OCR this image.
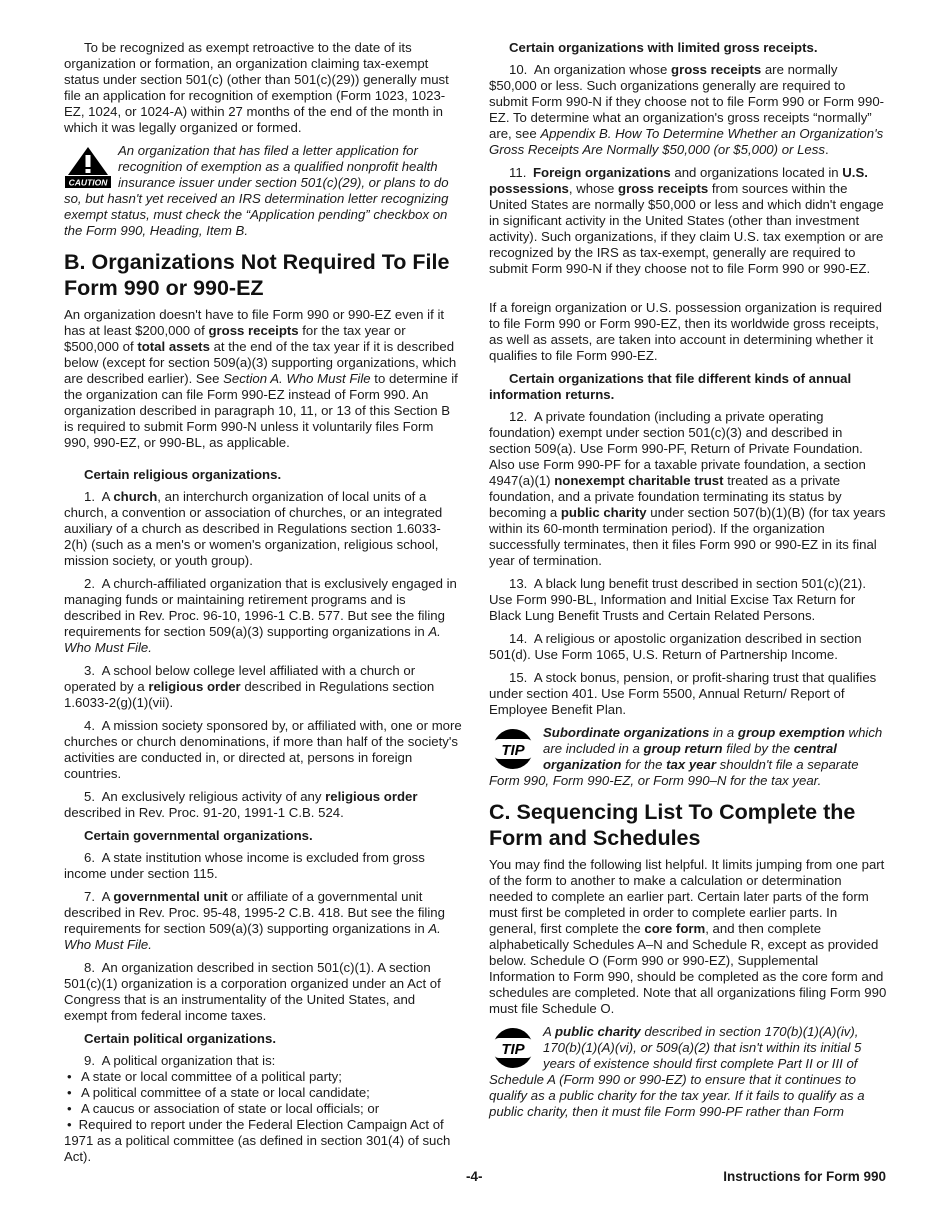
To be recognized as exempt retroactive to the date of its organization or formation, an organization claiming tax-exempt status under section 501(c) (other than 501(c)(29)) generally must file an application for recognition of exemption (Form 1023, 1023-EZ, 1024, or 1024-A) within 27 months of the end of the month in which it was legally organized or formed.

CAUTION
An organization that has filed a letter application for recognition of exemption as a qualified nonprofit health insurance issuer under section 501(c)(29), or plans to do so, but hasn't yet received an IRS determination letter recognizing exempt status, must check the “Application pending” checkbox on the Form 990, Heading, Item B.
B. Organizations Not Required To File Form 990 or 990-EZ

An organization doesn't have to file Form 990 or 990-EZ even if it has at least $200,000 of gross receipts for the tax year or $500,000 of total assets at the end of the tax year if it is described below (except for section 509(a)(3) supporting organizations, which are described earlier). See Section A. Who Must File to determine if the organization can file Form 990-EZ instead of Form 990. An organization described in paragraph 10, 11, or 13 of this Section B is required to submit Form 990-N unless it voluntarily files Form 990, 990-EZ, or 990-BL, as applicable.

Certain religious organizations.

1. A church, an interchurch organization of local units of a church, a convention or association of churches, or an integrated auxiliary of a church as described in Regulations section 1.6033-2(h) (such as a men's or women's organization, religious school, mission society, or youth group).

2. A church-affiliated organization that is exclusively engaged in managing funds or maintaining retirement programs and is described in Rev. Proc. 96-10, 1996-1 C.B. 577. But see the filing requirements for section 509(a)(3) supporting organizations in A. Who Must File.

3. A school below college level affiliated with a church or operated by a religious order described in Regulations section 1.6033-2(g)(1)(vii).

4. A mission society sponsored by, or affiliated with, one or more churches or church denominations, if more than half of the society's activities are conducted in, or directed at, persons in foreign countries.

5. An exclusively religious activity of any religious order described in Rev. Proc. 91-20, 1991-1 C.B. 524.

Certain governmental organizations.

6. A state institution whose income is excluded from gross income under section 115.

7. A governmental unit or affiliate of a governmental unit described in Rev. Proc. 95-48, 1995-2 C.B. 418. But see the filing requirements for section 509(a)(3) supporting organizations in A. Who Must File.

8. An organization described in section 501(c)(1). A section 501(c)(1) organization is a corporation organized under an Act of Congress that is an instrumentality of the United States, and exempt from federal income taxes.

Certain political organizations.

9. A political organization that is:

• A state or local committee of a political party;
• A political committee of a state or local candidate;
• A caucus or association of state or local officials; or
• Required to report under the Federal Election Campaign Act of 1971 as a political committee (as defined in section 301(4) of such Act).

Certain organizations with limited gross receipts.

10. An organization whose gross receipts are normally $50,000 or less. Such organizations generally are required to submit Form 990-N if they choose not to file Form 990 or Form 990-EZ. To determine what an organization's gross receipts “normally” are, see Appendix B. How To Determine Whether an Organization's Gross Receipts Are Normally $50,000 (or $5,000) or Less.

11. Foreign organizations and organizations located in U.S. possessions, whose gross receipts from sources within the United States are normally $50,000 or less and which didn't engage in significant activity in the United States (other than investment activity). Such organizations, if they claim U.S. tax exemption or are recognized by the IRS as tax-exempt, generally are required to submit Form 990-N if they choose not to file Form 990 or 990-EZ.

If a foreign organization or U.S. possession organization is required to file Form 990 or Form 990-EZ, then its worldwide gross receipts, as well as assets, are taken into account in determining whether it qualifies to file Form 990-EZ.

Certain organizations that file different kinds of annual information returns.

12. A private foundation (including a private operating foundation) exempt under section 501(c)(3) and described in section 509(a). Use Form 990-PF, Return of Private Foundation. Also use Form 990-PF for a taxable private foundation, a section 4947(a)(1) nonexempt charitable trust treated as a private foundation, and a private foundation terminating its status by becoming a public charity under section 507(b)(1)(B) (for tax years within its 60-month termination period). If the organization successfully terminates, then it files Form 990 or 990-EZ in its final year of termination.

13. A black lung benefit trust described in section 501(c)(21). Use Form 990-BL, Information and Initial Excise Tax Return for Black Lung Benefit Trusts and Certain Related Persons.

14. A religious or apostolic organization described in section 501(d). Use Form 1065, U.S. Return of Partnership Income.

15. A stock bonus, pension, or profit-sharing trust that qualifies under section 401. Use Form 5500, Annual Return/ Report of Employee Benefit Plan.

TIP
Subordinate organizations in a group exemption which are included in a group return filed by the central organization for the tax year shouldn't file a separate Form 990, Form 990-EZ, or Form 990–N for the tax year.
C. Sequencing List To Complete the Form and Schedules

You may find the following list helpful. It limits jumping from one part of the form to another to make a calculation or determination needed to complete an earlier part. Certain later parts of the form must first be completed in order to complete earlier parts. In general, first complete the core form, and then complete alphabetically Schedules A–N and Schedule R, except as provided below. Schedule O (Form 990 or 990-EZ), Supplemental Information to Form 990, should be completed as the core form and schedules are completed. Note that all organizations filing Form 990 must file Schedule O.

TIP
A public charity described in section 170(b)(1)(A)(iv), 170(b)(1)(A)(vi), or 509(a)(2) that isn't within its initial 5 years of existence should first complete Part II or III of Schedule A (Form 990 or 990-EZ) to ensure that it continues to qualify as a public charity for the tax year. If it fails to qualify as a public charity, then it must file Form 990-PF rather than Form
-4-	Instructions for Form 990
